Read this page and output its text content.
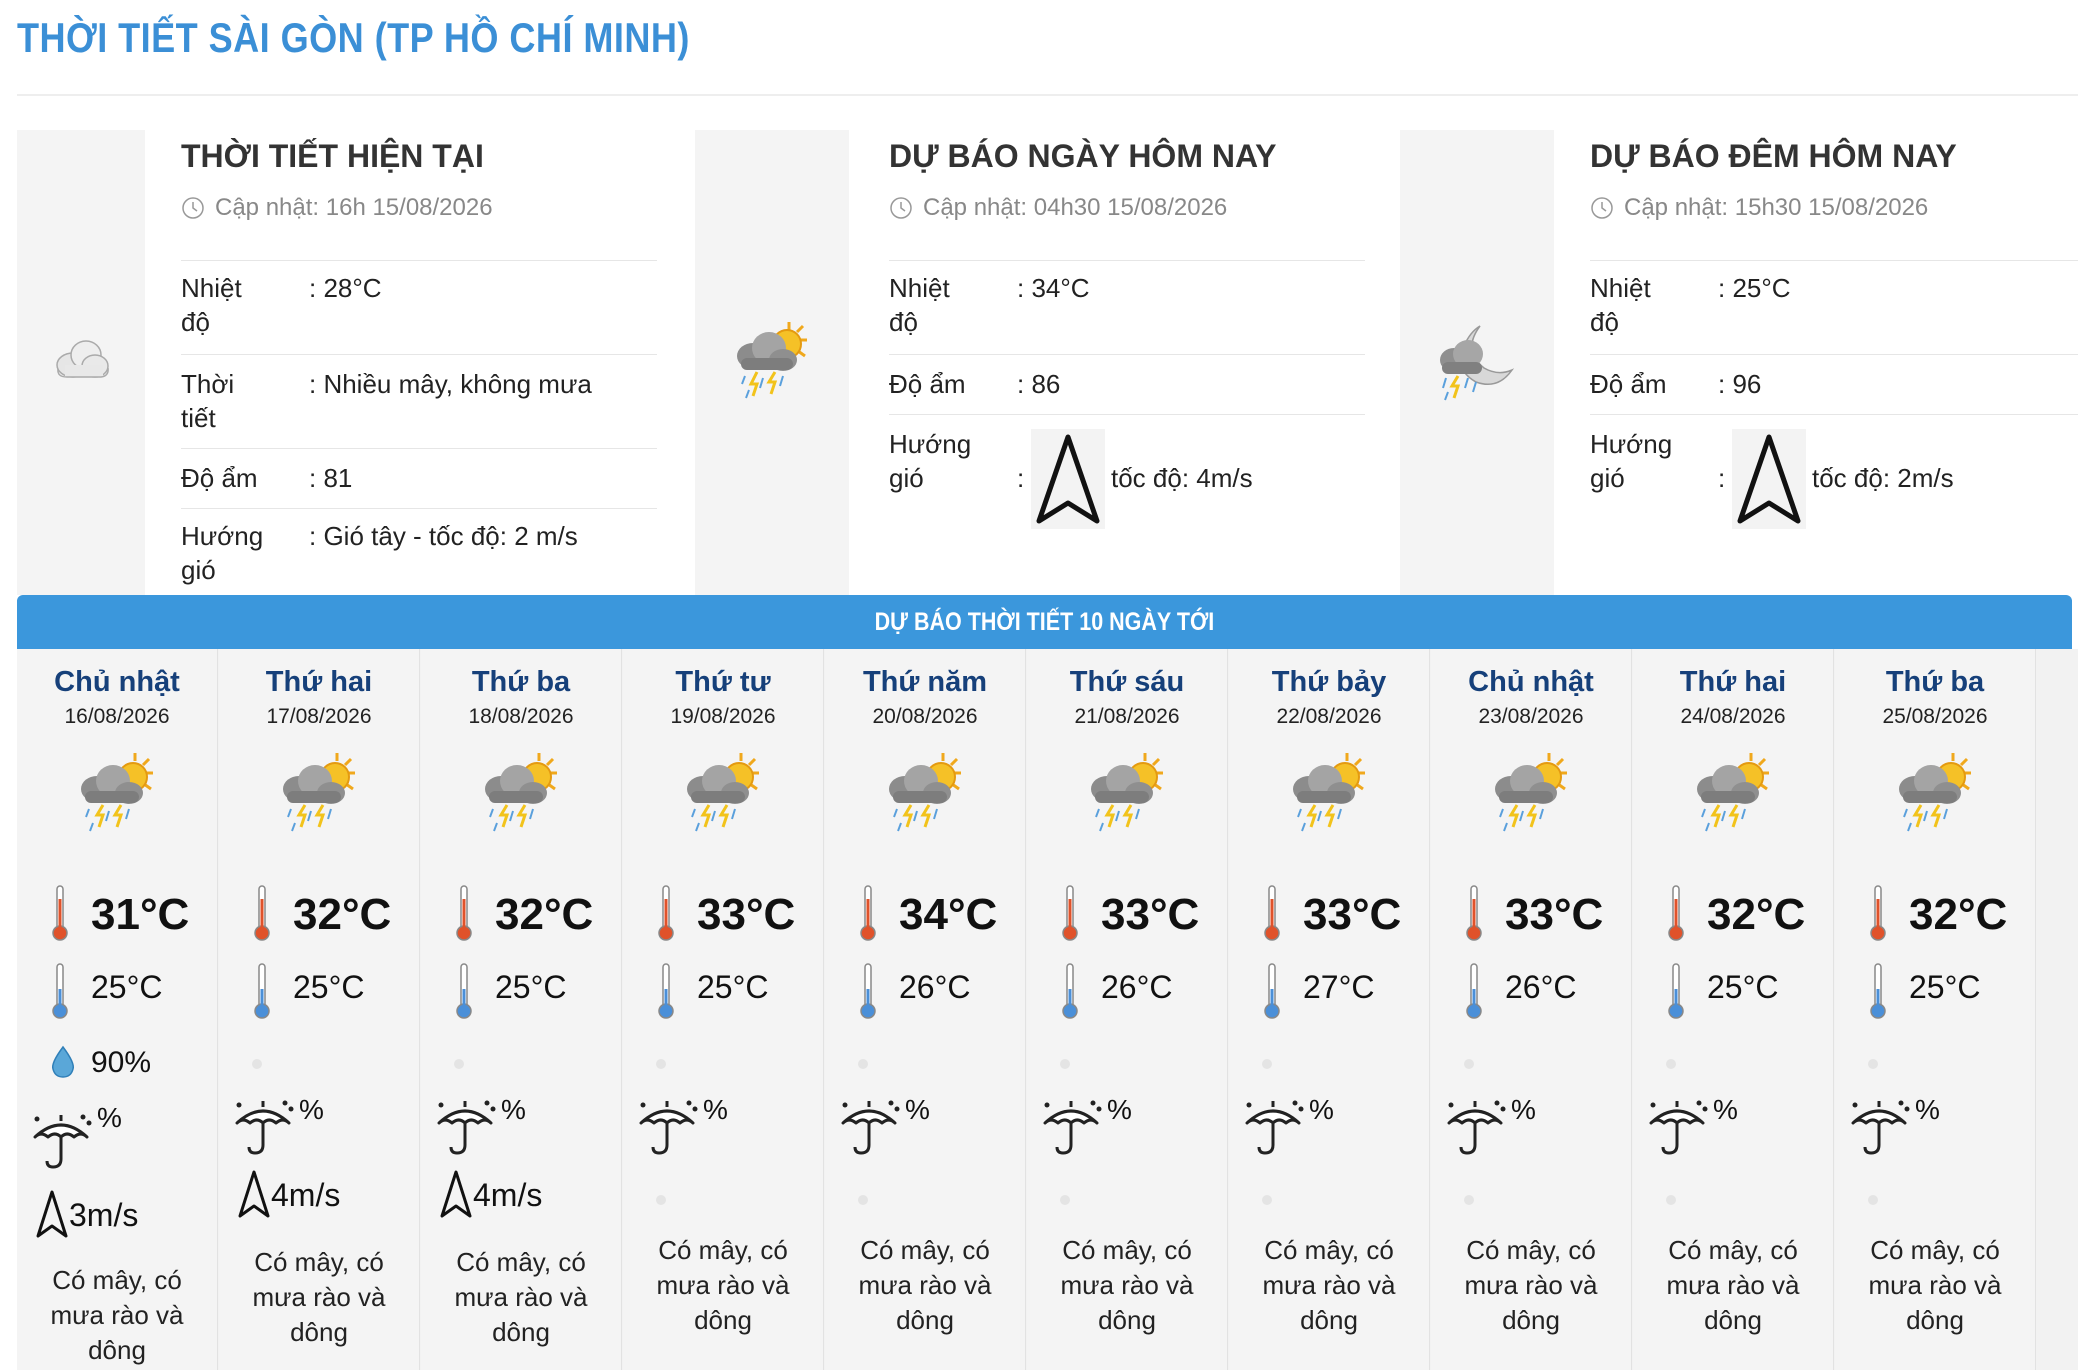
THỜI TIẾT SÀI GÒN (TP HỒ CHÍ MINH)
THỜI TIẾT HIỆN TẠI
Cập nhật: 16h 15/08/2026
Nhiệt
độ
: 28°C
Thời
tiết
: Nhiều mây, không mưa
Độ ẩm : 81
Hướng
gió
: Gió tây - tốc độ: 2 m/s
DỰ BÁO NGÀY HÔM NAY
Cập nhật: 04h30 15/08/2026
Nhiệt
độ
: 34°C
Độ ẩm : 86
Hướng
gió	:	tốc độ: 4m/s
DỰ BÁO ĐÊM HÔM NAY
Cập nhật: 15h30 15/08/2026
Nhiệt
độ
: 25°C
Độ ẩm : 96
Hướng
gió	:	tốc độ: 2m/s
DỰ BÁO THỜI TIẾT 10 NGÀY TỚI
Chủ nhật
16/08/2026
31°C
25°C
90%
%
3m/s
Có mây, có mưa rào và dông
Thứ hai
17/08/2026
32°C
25°C
%
4m/s
Có mây, có mưa rào và dông
Thứ ba
18/08/2026
32°C
25°C
%
4m/s
Có mây, có mưa rào và dông
Thứ tư
19/08/2026
33°C
25°C
%
Có mây, có mưa rào và dông
Thứ năm
20/08/2026
34°C
26°C
%
Có mây, có mưa rào và dông
Thứ sáu
21/08/2026
33°C
26°C
%
Có mây, có mưa rào và dông
Thứ bảy
22/08/2026
33°C
27°C
%
Có mây, có mưa rào và dông
Chủ nhật
23/08/2026
33°C
26°C
%
Có mây, có mưa rào và dông
Thứ hai
24/08/2026
32°C
25°C
%
Có mây, có mưa rào và dông
Thứ ba
25/08/2026
32°C
25°C
%
Có mây, có mưa rào và dông
